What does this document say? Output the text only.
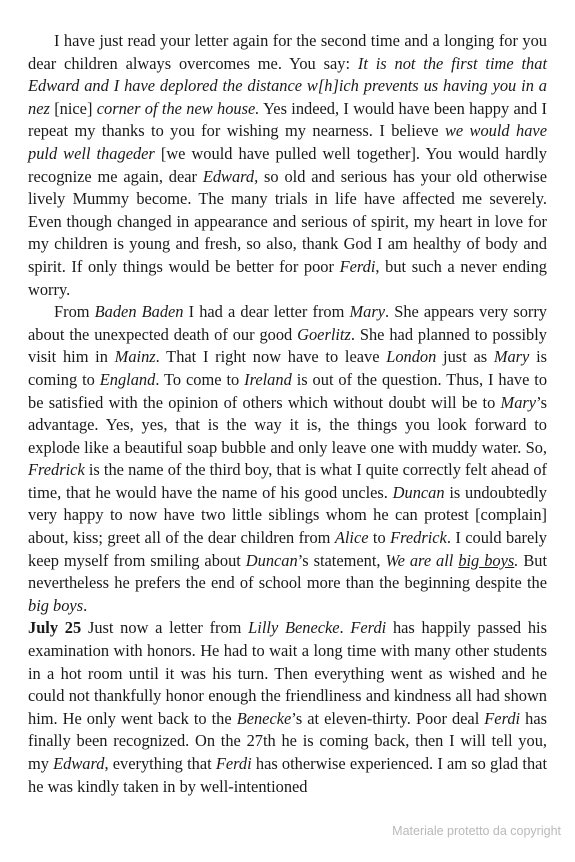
I have just read your letter again for the second time and a longing for you dear children always overcomes me. You say: It is not the first time that Edward and I have deplored the distance w[h]ich prevents us having you in a nez [nice] corner of the new house. Yes indeed, I would have been happy and I repeat my thanks to you for wishing my nearness. I believe we would have puld well thageder [we would have pulled well together]. You would hardly recognize me again, dear Edward, so old and serious has your old otherwise lively Mummy become. The many trials in life have affected me severely. Even though changed in appearance and serious of spirit, my heart in love for my children is young and fresh, so also, thank God I am healthy of body and spirit. If only things would be better for poor Ferdi, but such a never ending worry.

From Baden Baden I had a dear letter from Mary. She appears very sorry about the unexpected death of our good Goerlitz. She had planned to possibly visit him in Mainz. That I right now have to leave London just as Mary is coming to England. To come to Ireland is out of the question. Thus, I have to be satisfied with the opinion of others which without doubt will be to Mary’s advantage. Yes, yes, that is the way it is, the things you look forward to explode like a beautiful soap bubble and only leave one with muddy water. So, Fredrick is the name of the third boy, that is what I quite correctly felt ahead of time, that he would have the name of his good uncles. Duncan is undoubtedly very happy to now have two little siblings whom he can protest [complain] about, kiss; greet all of the dear children from Alice to Fredrick. I could barely keep myself from smiling about Duncan’s statement, We are all big boys. But nevertheless he prefers the end of school more than the beginning despite the big boys.

July 25 Just now a letter from Lilly Benecke. Ferdi has happily passed his examination with honors. He had to wait a long time with many other students in a hot room until it was his turn. Then everything went as wished and he could not thankfully honor enough the friendliness and kindness all had shown him. He only went back to the Benecke’s at eleven-thirty. Poor deal Ferdi has finally been recognized. On the 27th he is coming back, then I will tell you, my Edward, everything that Ferdi has otherwise experienced. I am so glad that he was kindly taken in by well-intentioned

Materiale protetto da copyright
